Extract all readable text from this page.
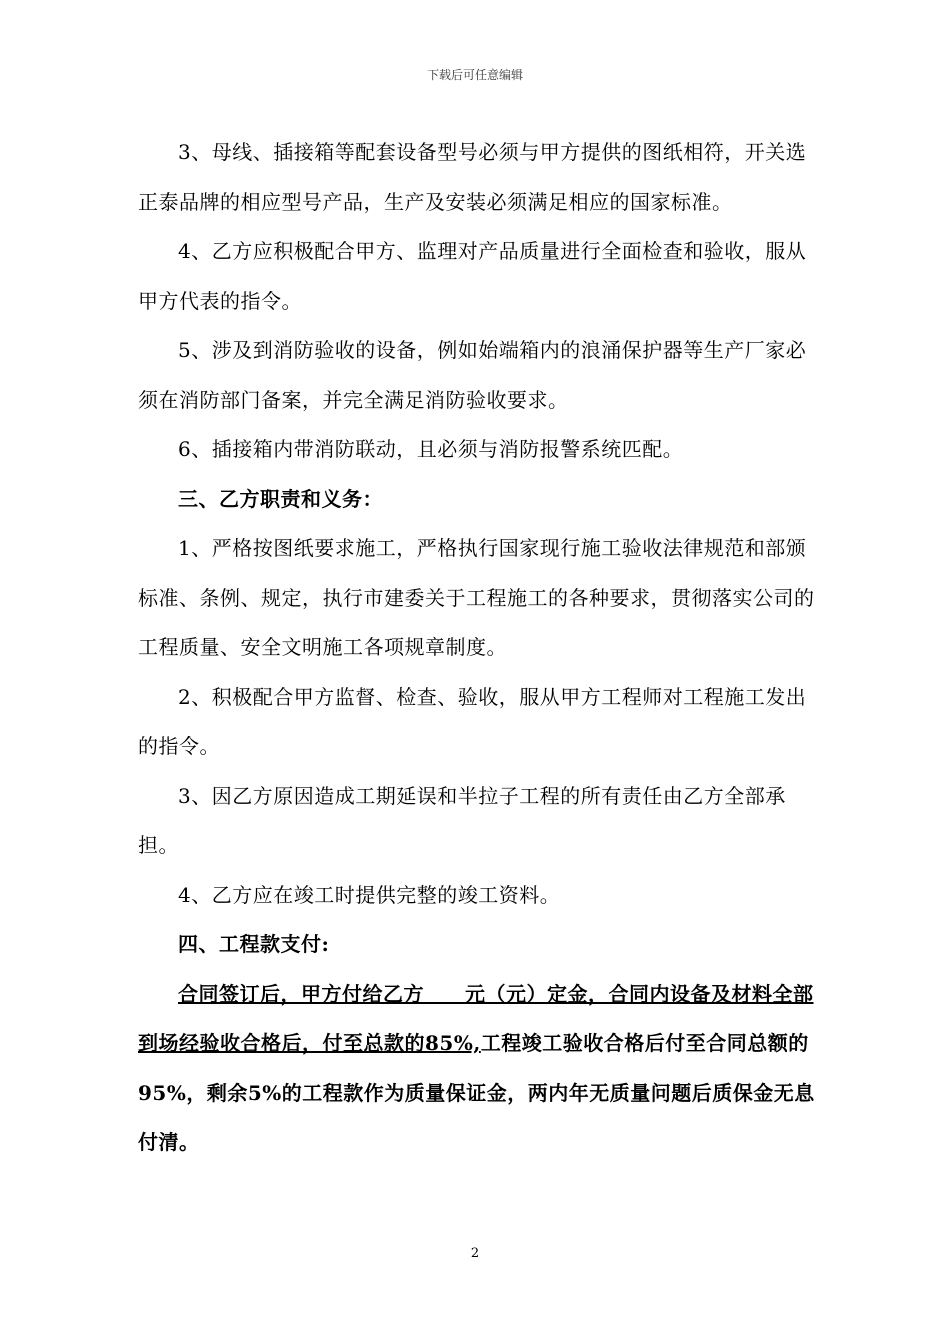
下载后可任意编辑

3、母线、插接箱等配套设备型号必须与甲方提供的图纸相符，开关选正泰品牌的相应型号产品，生产及安装必须满足相应的国家标准。

4、乙方应积极配合甲方、监理对产品质量进行全面检查和验收，服从甲方代表的指令。

5、涉及到消防验收的设备，例如始端箱内的浪涌保护器等生产厂家必须在消防部门备案，并完全满足消防验收要求。

6、插接箱内带消防联动，且必须与消防报警系统匹配。

三、乙方职责和义务：

1、严格按图纸要求施工，严格执行国家现行施工验收法律规范和部颁标准、条例、规定，执行市建委关于工程施工的各种要求，贯彻落实公司的工程质量、安全文明施工各项规章制度。

2、积极配合甲方监督、检查、验收，服从甲方工程师对工程施工发出的指令。

3、因乙方原因造成工期延误和半拉子工程的所有责任由乙方全部承担。

4、乙方应在竣工时提供完整的竣工资料。

四、工程款支付:

合同签订后，甲方付给乙方　　元（元）定金，合同内设备及材料全部到场经验收合格后，付至总款的85%,工程竣工验收合格后付至合同总额的95%，剩余5%的工程款作为质量保证金，两内年无质量问题后质保金无息付清。

2
